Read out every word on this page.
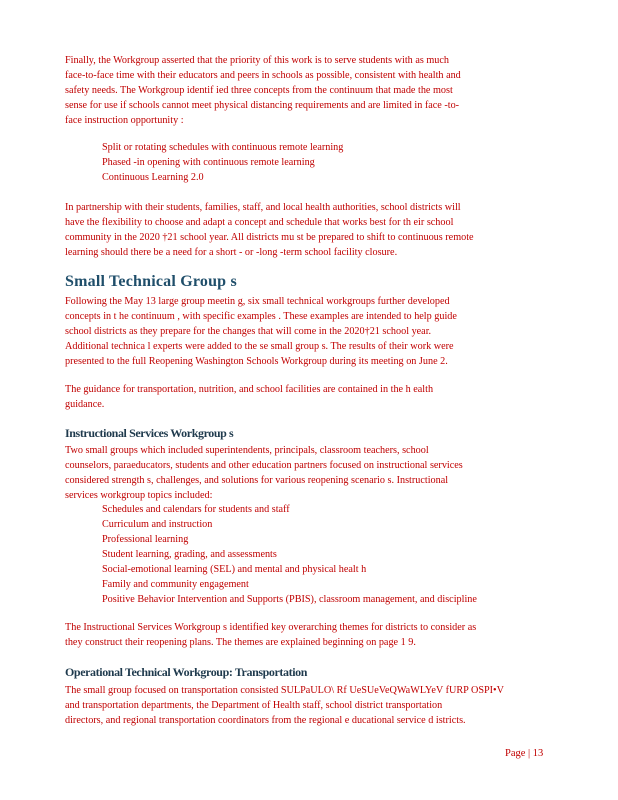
Finally, the Workgroup asserted that the priority of this work is to serve students with as much
face-to-face time with their educators and peers in schools as possible, consistent with health and
safety needs. The Workgroup identif ied three concepts from the continuum that made the most
sense for use if schools cannot meet physical distancing requirements and are limited in face -to-
face instruction opportunity :

Split or rotating schedules with continuous remote learning
Phased -in opening with continuous remote learning
Continuous Learning 2.0

In partnership with their students, families, staff, and local health authorities, school districts will
have the flexibility to choose and adapt a concept and schedule that works best for th eir school
community in the 2020 †21 school year. All districts mu st be prepared to shift to continuous remote
learning should there be a need for a short - or -long -term school facility closure.

Small Technical Group s

Following the May 13 large group meetin g, six small technical workgroups further developed
concepts in t he continuum , with specific examples . These examples are intended to help guide
school districts as they prepare for the changes that will come in the 2020†21 school year.
Additional technica l experts were added to the se small group s. The results of their work were
presented to the full Reopening Washington Schools Workgroup during its meeting on June 2.

The guidance for transportation, nutrition, and school facilities are contained in the h ealth
guidance.

Instructional Services Workgroup s

Two small groups which included superintendents, principals, classroom teachers, school
counselors, paraeducators, students and other education partners focused on instructional services
considered strength s, challenges, and solutions for various reopening scenario s. Instructional
services workgroup topics included:

Schedules and calendars for students and staff
Curriculum and instruction
Professional learning
Student learning, grading, and assessments
Social-emotional learning (SEL) and mental and physical healt h
Family and community engagement
Positive Behavior Intervention and Supports (PBIS), classroom management, and discipline

The Instructional Services Workgroup s identified key overarching themes for districts to consider as
they construct their reopening plans. The themes are explained beginning on page 1 9.

Operational Technical Workgroup: Transportation

The small group focused on transportation consisted SULPaULO\ Rf UeSUeVeQWaWLYeV fURP OSPI•V
and transportation departments, the Department of Health staff, school district transportation
directors, and regional transportation coordinators from the regional e ducational service d istricts.

Page | 13
